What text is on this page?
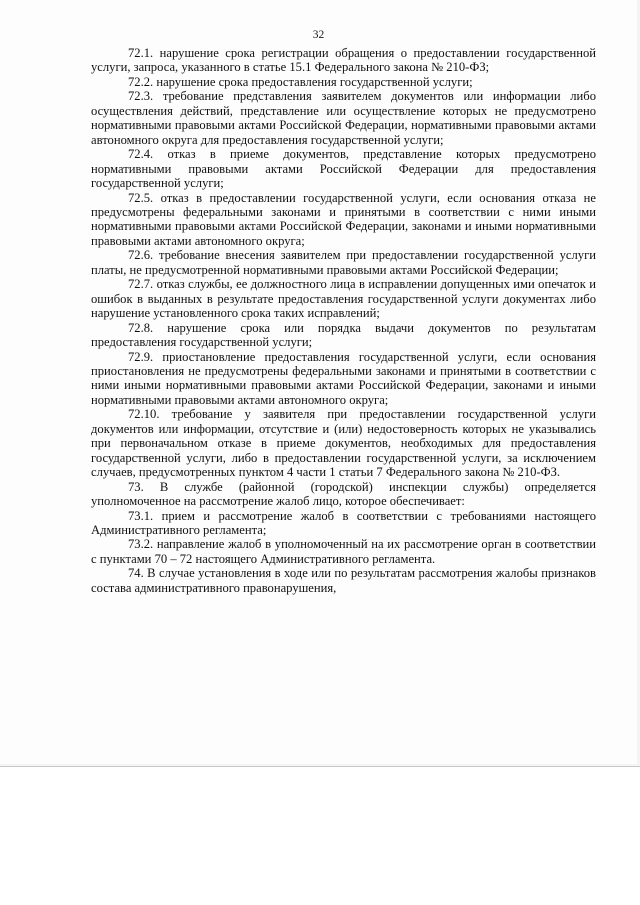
32

72.1. нарушение срока регистрации обращения о предоставлении государственной услуги, запроса, указанного в статье 15.1 Федерального закона № 210-ФЗ;

72.2. нарушение срока предоставления государственной услуги;

72.3. требование представления заявителем документов или информации либо осуществления действий, представление или осуществление которых не предусмотрено нормативными правовыми актами Российской Федерации, нормативными правовыми актами автономного округа для предоставления государственной услуги;

72.4. отказ в приеме документов, представление которых предусмотрено нормативными правовыми актами Российской Федерации для предоставления государственной услуги;

72.5. отказ в предоставлении государственной услуги, если основания отказа не предусмотрены федеральными законами и принятыми в соответствии с ними иными нормативными правовыми актами Российской Федерации, законами и иными нормативными правовыми актами автономного округа;

72.6. требование внесения заявителем при предоставлении государственной услуги платы, не предусмотренной нормативными правовыми актами Российской Федерации;

72.7. отказ службы, ее должностного лица в исправлении допущенных ими опечаток и ошибок в выданных в результате предоставления государственной услуги документах либо нарушение установленного срока таких исправлений;

72.8. нарушение срока или порядка выдачи документов по результатам предоставления государственной услуги;

72.9. приостановление предоставления государственной услуги, если основания приостановления не предусмотрены федеральными законами и принятыми в соответствии с ними иными нормативными правовыми актами Российской Федерации, законами и иными нормативными правовыми актами автономного округа;

72.10. требование у заявителя при предоставлении государственной услуги документов или информации, отсутствие и (или) недостоверность которых не указывались при первоначальном отказе в приеме документов, необходимых для предоставления государственной услуги, либо в предоставлении государственной услуги, за исключением случаев, предусмотренных пунктом 4 части 1 статьи 7 Федерального закона № 210-ФЗ.

73. В службе (районной (городской) инспекции службы) определяется уполномоченное на рассмотрение жалоб лицо, которое обеспечивает:

73.1. прием и рассмотрение жалоб в соответствии с требованиями настоящего Административного регламента;

73.2. направление жалоб в уполномоченный на их рассмотрение орган в соответствии с пунктами 70 – 72 настоящего Административного регламента.

74. В случае установления в ходе или по результатам рассмотрения жалобы признаков состава административного правонарушения,
